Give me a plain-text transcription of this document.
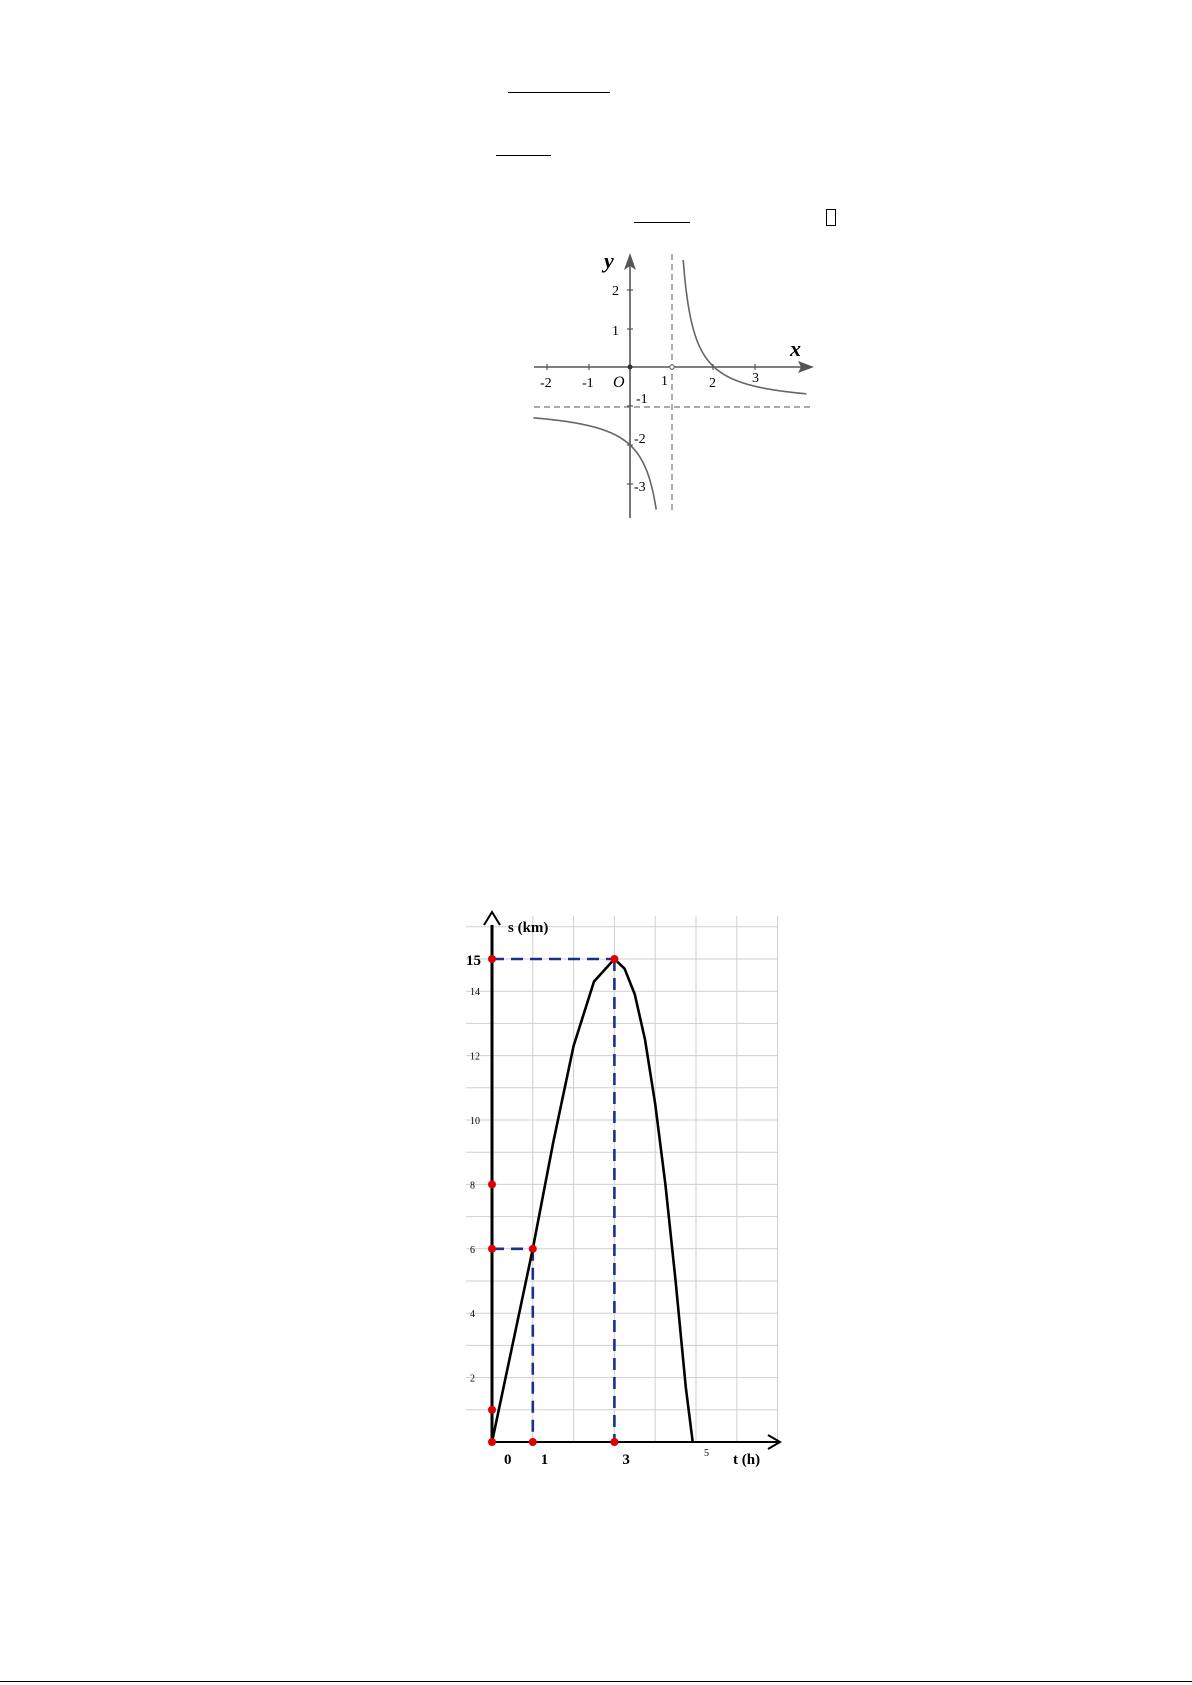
y
x
O
-2 -1	1	2	3
2
1
-1
-2
-3
2
4
6
8
10
12
14
15
0 1	3	5
s (km)
t (h)
